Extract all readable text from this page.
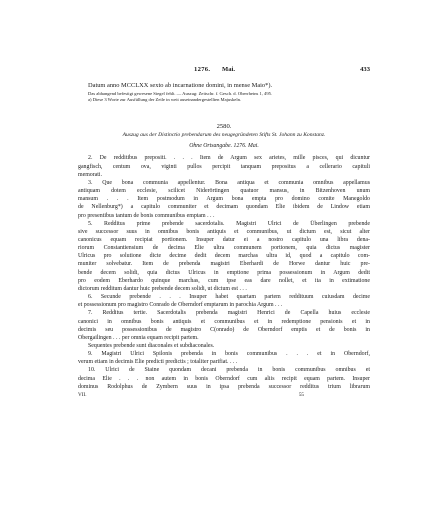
1276. Mai.	433
Datum anno MCCLXX sexto ab incarnatione domini, in mense Maio*).
Das abhangend befestigt gewesene Siegel fehlt. — Auszug: Zeitschr. f. Gesch. d. Oberrheins 1, 495.
a) Diese 3 Worte zur Ausfüllung der Zeile in weit auseinandergestellten Majuskeln.
2580.
Auszug aus der Distinctio prebendarum des neugegründeten Stifts St. Johann zu Konstanz.
Ohne Ortsangabe. 1276. Mai.
2. De redditibus prepositi. . . . Item de Argum sex arietes, mille pisces, qui dicuntur
gangfisch, centum ova, viginti pullos percipit tanquam prepositus a cellerario capituli
memorati.
3. Que bona communia appellentur. Bona antiqua et communia omnibus appellamus
antiquam dotem ecclesie, scilicet Niderörtingen quatuor mansus, in Bitzenhoven unum
mansum . . . Item postmodum in Argum bona empta pro domino comite Manegoldo
de Nellenburg*) a capitulo communiter et decimam quondam Elie ibidem de Lindow etiam
pro presentibus tantum de bonis communibus emptam . . .
5. Redditus prime prebende sacerdotalis. Magistri Ulrici de Überlingen prebende
sive successor suus in omnibus bonis antiquis et communibus, ut dictum est, sicut alter
canonicus equam recipiat portionem. Insuper datur ei a nostro capitulo una libra dena-
riorum Constantiensium de decima Elie ultra communem portionem, quia dictus magister
Ulricus pro solutione dicte decime dedit decem marchas ultra id, quod a capitulo com-
muniter solvebatur. Item de prebenda magistri Eberhardi de Horwe dantur huic pre-
bende decem solidi, quia dictus Ulricus in emptione prima possessionum in Argum dedit
pro eodem Eberhardo quinque marchas, cum ipse eas dare nollet, et ita in extimatione
dictorum redditum dantur huic prebende decem solidi, ut dictum est . . .
6. Secunde prebende . . . Insuper habet quartam partem reddituum cuiusdam decime
et possessionum pro magistro Conrado de Oberndorf emptarum in parochia Argum . . .
7. Redditus tertie. Sacerdotalis prebenda magistri Henrici de Capella huius ecclesie
canonici in omnibus bonis antiquis et communibus et in redemptione pensionis et in
decimis seu possessionibus de magistro C(onrado) de Oberndorf emptis et de bonis in
Obergailingen . . . per omnia equam recipit partem.
Sequentes prebende sunt diaconales et subdiaconales.
9. Magistri Ulrici Spilonis prebenda in bonis communibus . . . et in Oberndorf,
verum etiam in decimis Elie predicti predictis ; totaliter parifiat. . . .
10. Ulrici de Staine quondam decani prebenda in bonis communibus omnibus et
decima Elie . . . non autem in bonis Oberndorf cum aliis recipit equam partem. Insuper
dominus Rodolphus de Zymbern suus in ipsa prebenda successor redditus trium librarum
VII.	55
